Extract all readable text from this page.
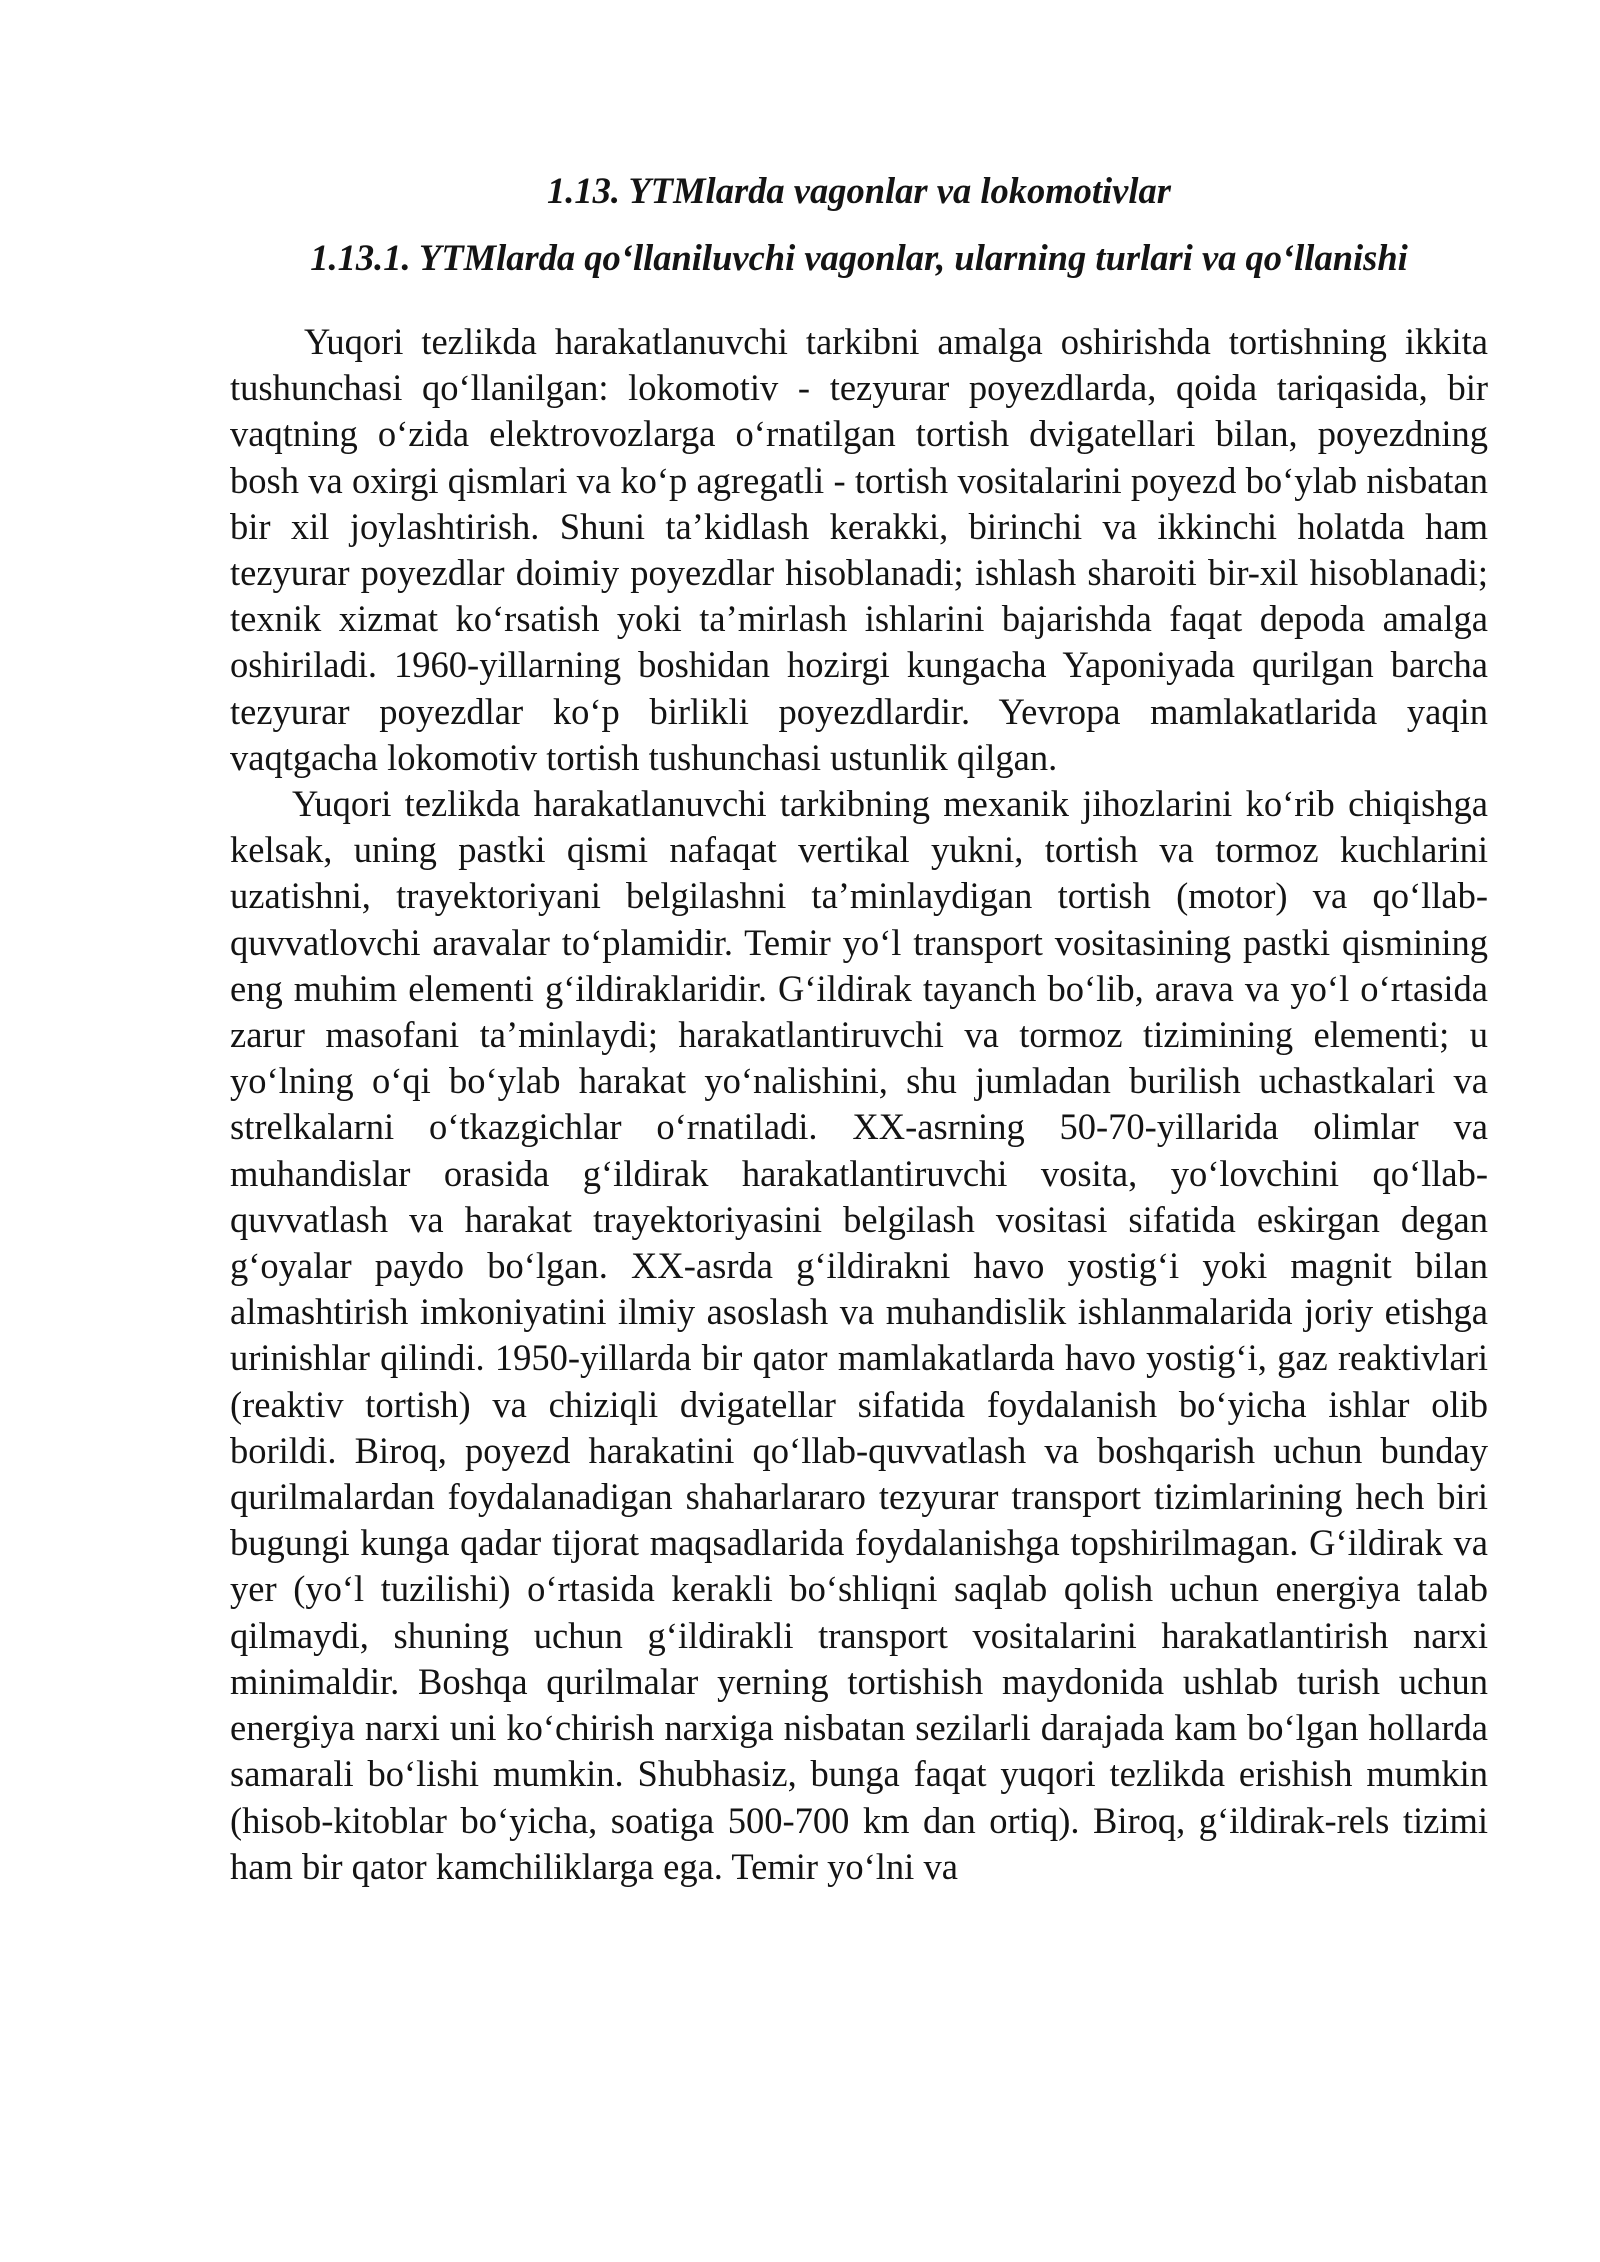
1.13. YTMlarda vagonlar va lokomotivlar
1.13.1. YTMlarda qo‘llaniluvchi vagonlar, ularning turlari va qo‘llanishi

Yuqori tezlikda harakatlanuvchi tarkibni amalga oshirishda tortishning ikkita tushunchasi qo‘llanilgan: lokomotiv - tezyurar poyezdlarda, qoida tariqasida, bir vaqtning o‘zida elektrovozlarga o‘rnatilgan tortish dvigatellari bilan, poyezdning bosh va oxirgi qismlari va ko‘p agregatli - tortish vositalarini poyezd bo‘ylab nisbatan bir xil joylashtirish. Shuni ta’kidlash kerakki, birinchi va ikkinchi holatda ham tezyurar poyezdlar doimiy poyezdlar hisoblanadi; ishlash sharoiti bir-xil hisoblanadi; texnik xizmat ko‘rsatish yoki ta’mirlash ishlarini bajarishda faqat depoda amalga oshiriladi. 1960-yillarning boshidan hozirgi kungacha Yaponiyada qurilgan barcha tezyurar poyezdlar ko‘p birlikli poyezdlardir. Yevropa mamlakatlarida yaqin vaqtgacha lokomotiv tortish tushunchasi ustunlik qilgan.

Yuqori tezlikda harakatlanuvchi tarkibning mexanik jihozlarini ko‘rib chiqishga kelsak, uning pastki qismi nafaqat vertikal yukni, tortish va tormoz kuchlarini uzatishni, trayektoriyani belgilashni ta’minlaydigan tortish (motor) va qo‘llab-quvvatlovchi aravalar to‘plamidir. Temir yo‘l transport vositasining pastki qismining eng muhim elementi g‘ildiraklaridir. G‘ildirak tayanch bo‘lib, arava va yo‘l o‘rtasida zarur masofani ta’minlaydi; harakatlantiruvchi va tormoz tizimining elementi; u yo‘lning o‘qi bo‘ylab harakat yo‘nalishini, shu jumladan burilish uchastkalari va strelkalarni o‘tkazgichlar o‘rnatiladi. XX-asrning 50-70-yillarida olimlar va muhandislar orasida g‘ildirak harakatlantiruvchi vosita, yo‘lovchini qo‘llab-quvvatlash va harakat trayektoriyasini belgilash vositasi sifatida eskirgan degan g‘oyalar paydo bo‘lgan. XX-asrda g‘ildirakni havo yostig‘i yoki magnit bilan almashtirish imkoniyatini ilmiy asoslash va muhandislik ishlanmalarida joriy etishga urinishlar qilindi. 1950-yillarda bir qator mamlakatlarda havo yostig‘i, gaz reaktivlari (reaktiv tortish) va chiziqli dvigatellar sifatida foydalanish bo‘yicha ishlar olib borildi. Biroq, poyezd harakatini qo‘llab-quvvatlash va boshqarish uchun bunday qurilmalardan foydalanadigan shaharlararo tezyurar transport tizimlarining hech biri bugungi kunga qadar tijorat maqsadlarida foydalanishga topshirilmagan. G‘ildirak va yer (yo‘l tuzilishi) o‘rtasida kerakli bo‘shliqni saqlab qolish uchun energiya talab qilmaydi, shuning uchun g‘ildirakli transport vositalarini harakatlantirish narxi minimaldir. Boshqa qurilmalar yerning tortishish maydonida ushlab turish uchun energiya narxi uni ko‘chirish narxiga nisbatan sezilarli darajada kam bo‘lgan hollarda samarali bo‘lishi mumkin. Shubhasiz, bunga faqat yuqori tezlikda erishish mumkin (hisob-kitoblar bo‘yicha, soatiga 500-700 km dan ortiq). Biroq, g‘ildirak-rels tizimi ham bir qator kamchiliklarga ega. Temir yo‘lni va
